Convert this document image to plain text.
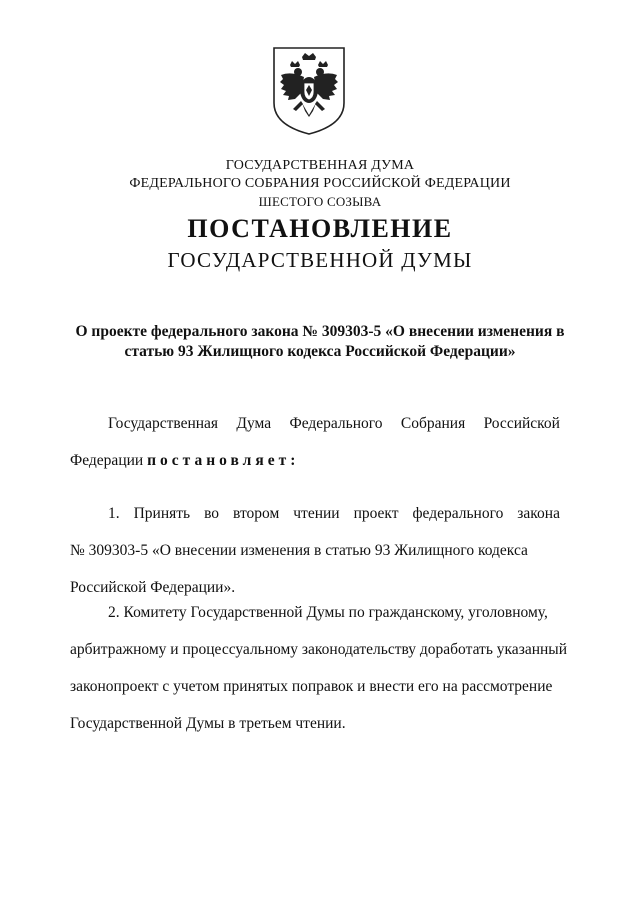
ГОСУДАРСТВЕННАЯ ДУМА
ФЕДЕРАЛЬНОГО СОБРАНИЯ РОССИЙСКОЙ ФЕДЕРАЦИИ
ШЕСТОГО СОЗЫВА
ПОСТАНОВЛЕНИЕ
ГОСУДАРСТВЕННОЙ ДУМЫ
О проекте федерального закона № 309303-5 «О внесении изменения в
статью 93 Жилищного кодекса Российской Федерации»
Государственная Дума Федерального Собрания Российской
Федерации постановляет:
1. Принять во втором чтении проект федерального закона
№ 309303-5 «О внесении изменения в статью 93 Жилищного кодекса
Российской Федерации».
2. Комитету Государственной Думы по гражданскому, уголовному,
арбитражному и процессуальному законодательству доработать указанный
законопроект с учетом принятых поправок и внести его на рассмотрение
Государственной Думы в третьем чтении.
